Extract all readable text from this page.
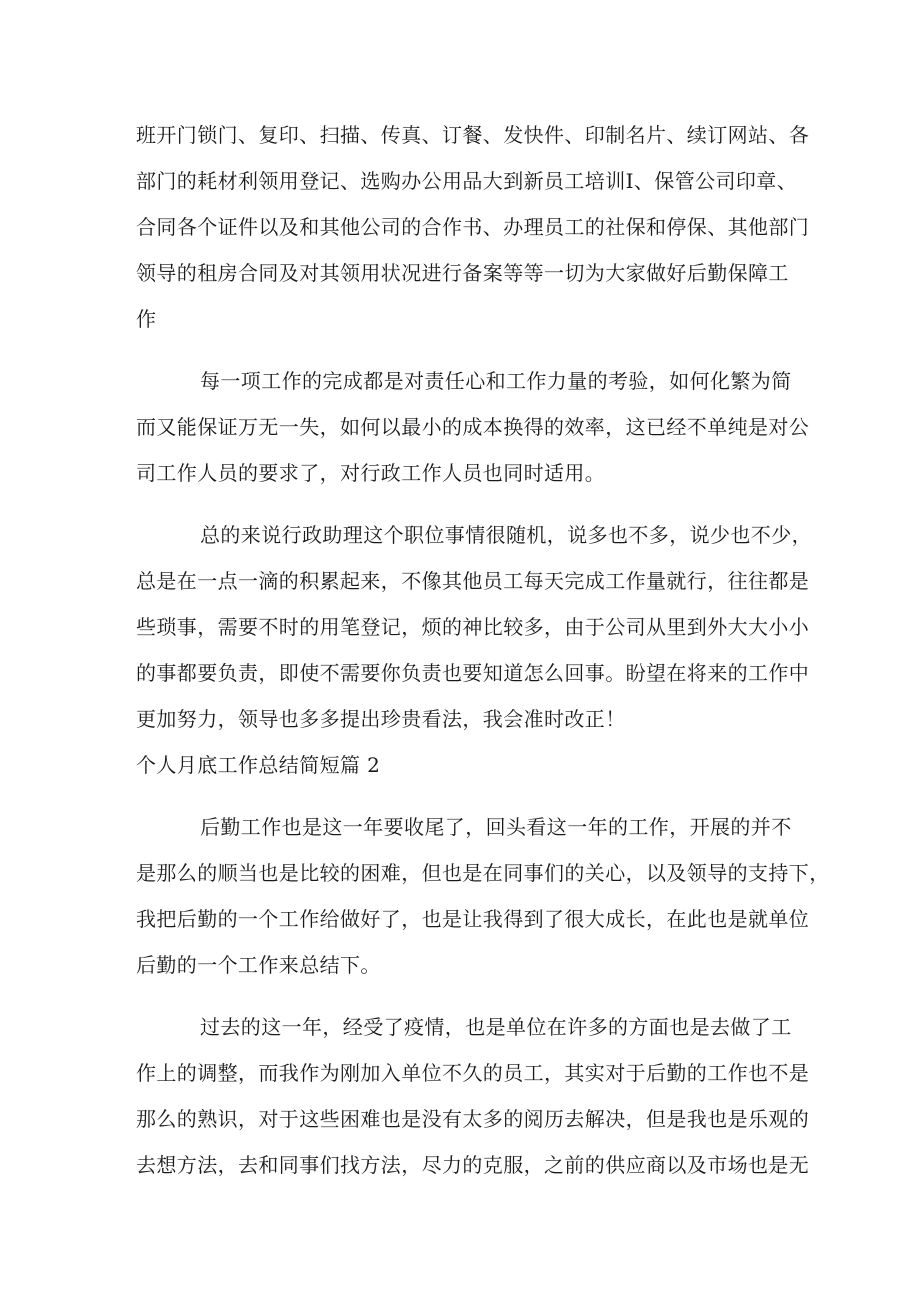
班开门锁门、复印、扫描、传真、订餐、发快件、印制名片、续订网站、各
部门的耗材利领用登记、选购办公用品大到新员工培训Ⅰ、保管公司印章、
合同各个证件以及和其他公司的合作书、办理员工的社保和停保、其他部门
领导的租房合同及对其领用状况进行备案等等一切为大家做好后勤保障工
作

每一项工作的完成都是对责任心和工作力量的考验，如何化繁为简
而又能保证万无一失，如何以最小的成本换得的效率，这已经不单纯是对公
司工作人员的要求了，对行政工作人员也同时适用。

总的来说行政助理这个职位事情很随机，说多也不多，说少也不少，
总是在一点一滴的积累起来，不像其他员工每天完成工作量就行，往往都是
些琐事，需要不时的用笔登记，烦的神比较多，由于公司从里到外大大小小
的事都要负责，即使不需要你负责也要知道怎么回事。盼望在将来的工作中
更加努力，领导也多多提出珍贵看法，我会准时改正！

个人月底工作总结简短篇 2

后勤工作也是这一年要收尾了，回头看这一年的工作，开展的并不
是那么的顺当也是比较的困难，但也是在同事们的关心，以及领导的支持下，
我把后勤的一个工作给做好了，也是让我得到了很大成长，在此也是就单位
后勤的一个工作来总结下。

过去的这一年，经受了疫情，也是单位在许多的方面也是去做了工
作上的调整，而我作为刚加入单位不久的员工，其实对于后勤的工作也不是
那么的熟识，对于这些困难也是没有太多的阅历去解决，但是我也是乐观的
去想方法，去和同事们找方法，尽力的克服，之前的供应商以及市场也是无
